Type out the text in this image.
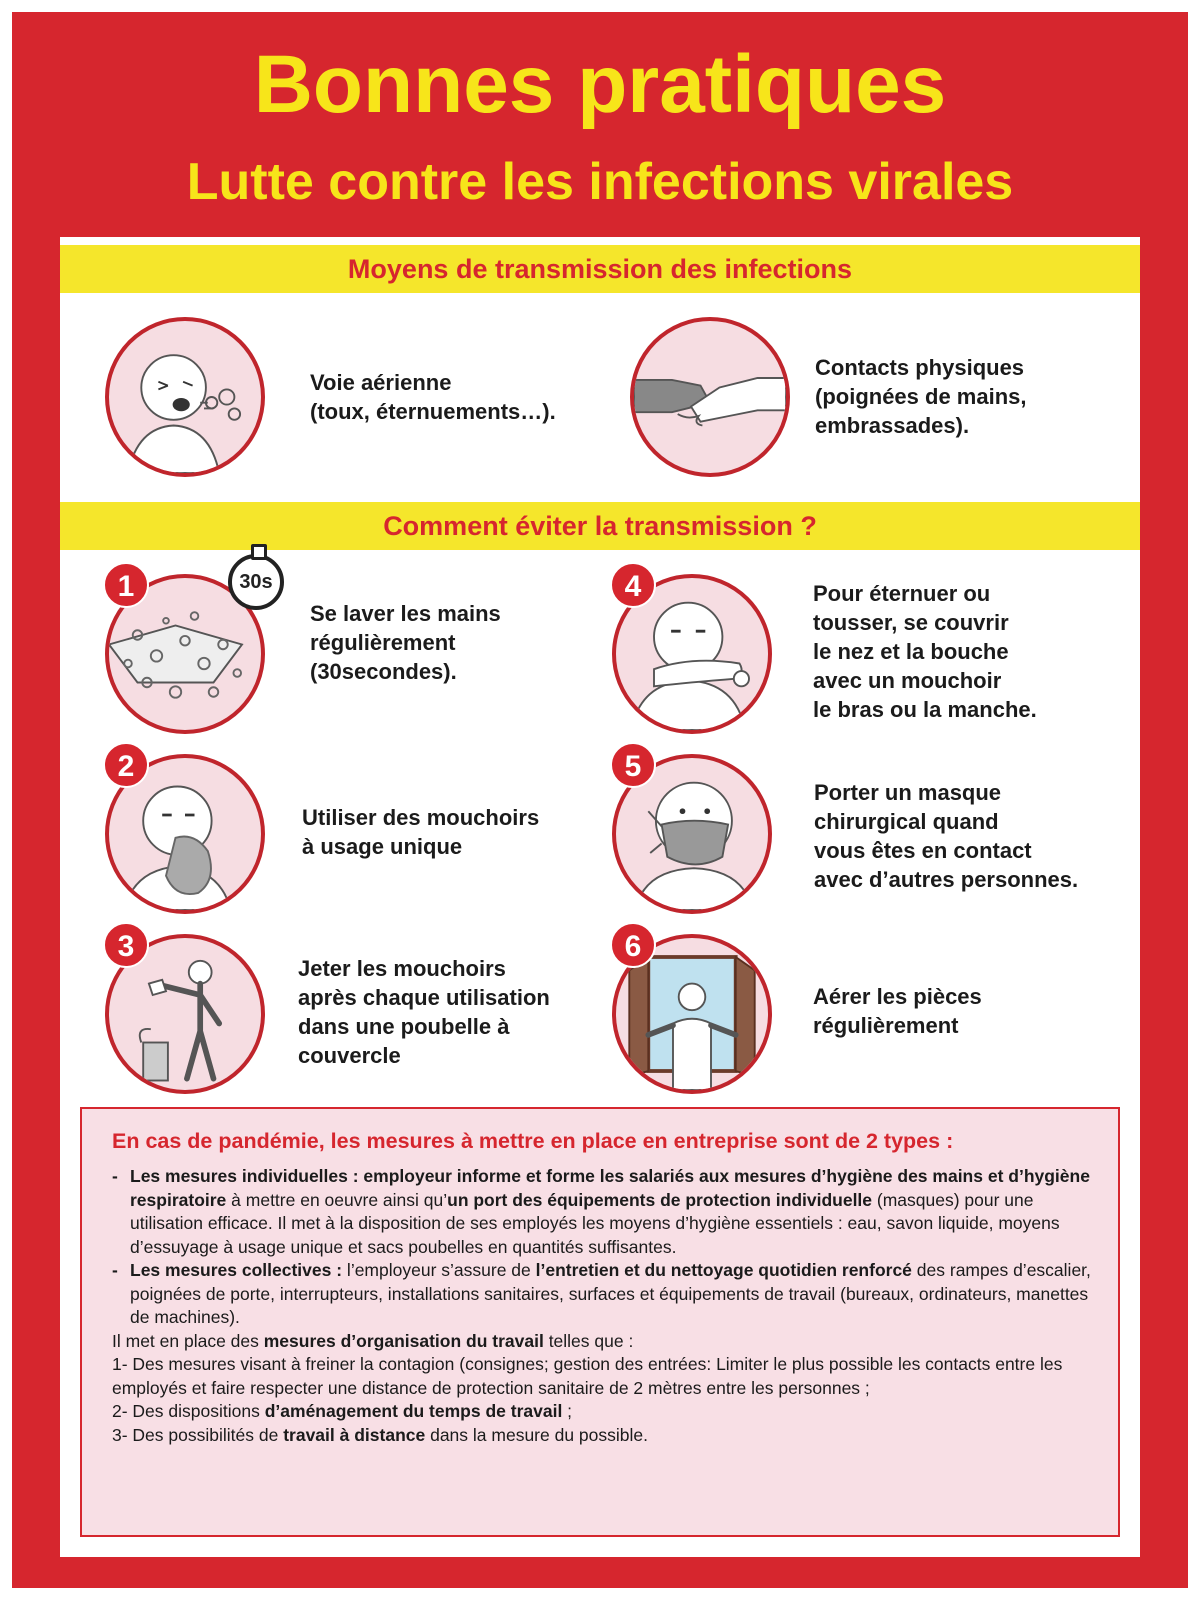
Bonnes pratiques
Lutte contre les infections virales
Moyens de transmission des infections
Voie aérienne
(toux, éternuements…).
Contacts physiques
(poignées de mains,
embrassades).
Comment éviter la transmission ?
1	30s
Se laver les mains
régulièrement
(30secondes).
2
Utiliser des mouchoirs
à usage unique
3
Jeter les mouchoirs
après chaque utilisation
dans une poubelle à
couvercle
4	Pour éternuer ou
tousser, se couvrir
le nez et la bouche
avec un mouchoir
le bras ou la manche.
5
Porter un masque
chirurgical quand
vous êtes en contact
avec d’autres personnes.
6
Aérer les pièces
régulièrement
En cas de pandémie, les mesures à mettre en place en entreprise sont de 2 types :
- Les mesures individuelles : employeur informe et forme les salariés aux mesures d’hygiène des mains et d’hygiène respiratoire à mettre en oeuvre ainsi qu’un port des équipements de protection individuelle (masques) pour une utilisation efficace. Il met à la disposition de ses employés les moyens d’hygiène essentiels : eau, savon liquide, moyens d’essuyage à usage unique et sacs poubelles en quantités suffisantes.
- Les mesures collectives : l’employeur s’assure de l’entretien et du nettoyage quotidien renforcé des rampes d’escalier, poignées de porte, interrupteurs, installations sanitaires, surfaces et équipements de travail (bureaux, ordinateurs, manettes de machines).
Il met en place des mesures d’organisation du travail telles que :
1- Des mesures visant à freiner la contagion (consignes; gestion des entrées: Limiter le plus possible les contacts entre les employés et faire respecter une distance de protection sanitaire de 2 mètres entre les personnes ;
2- Des dispositions d’aménagement du temps de travail ;
3- Des possibilités de travail à distance dans la mesure du possible.
